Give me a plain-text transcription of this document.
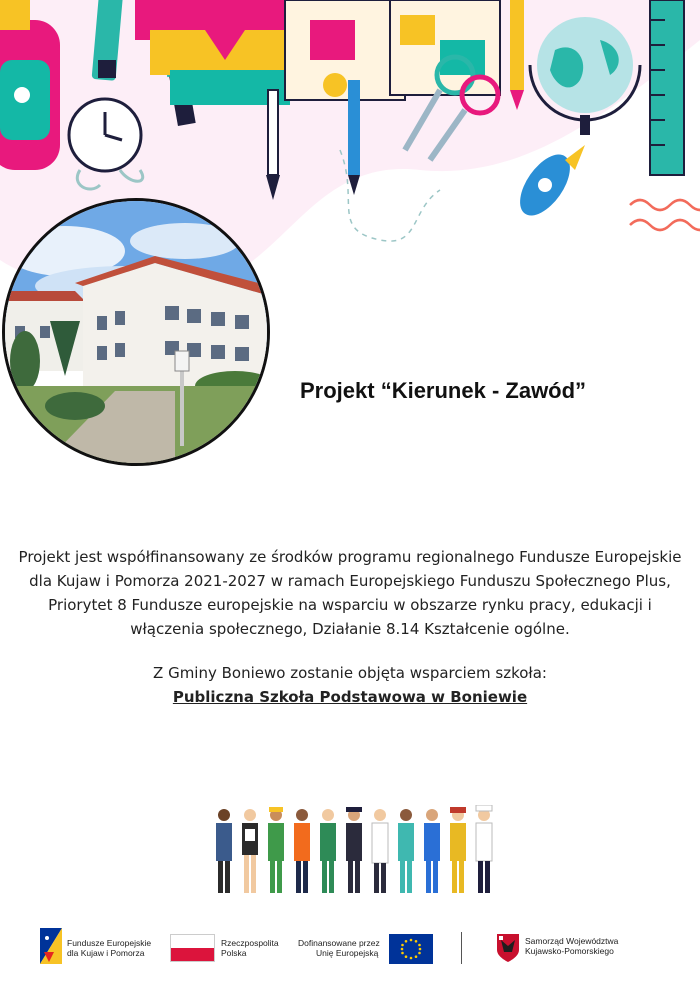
Projekt “Kierunek - Zawód”

Projekt jest współfinansowany ze środków programu regionalnego Fundusze Europejskie

dla Kujaw i Pomorza 2021-2027 w ramach Europejskiego Funduszu Społecznego Plus,

Priorytet 8 Fundusze europejskie na wsparciu w obszarze rynku pracy, edukacji i

włączenia społecznego, Działanie 8.14 Kształcenie ogólne.

Z Gminy Boniewo zostanie objęta wsparciem szkoła:
Publiczna Szkoła Podstawowa w Boniewie
Fundusze Europejskie
dla Kujaw i Pomorza
Rzeczpospolita
Polska
Dofinansowane przez
Unię Europejską
Samorząd Województwa
Kujawsko-Pomorskiego
